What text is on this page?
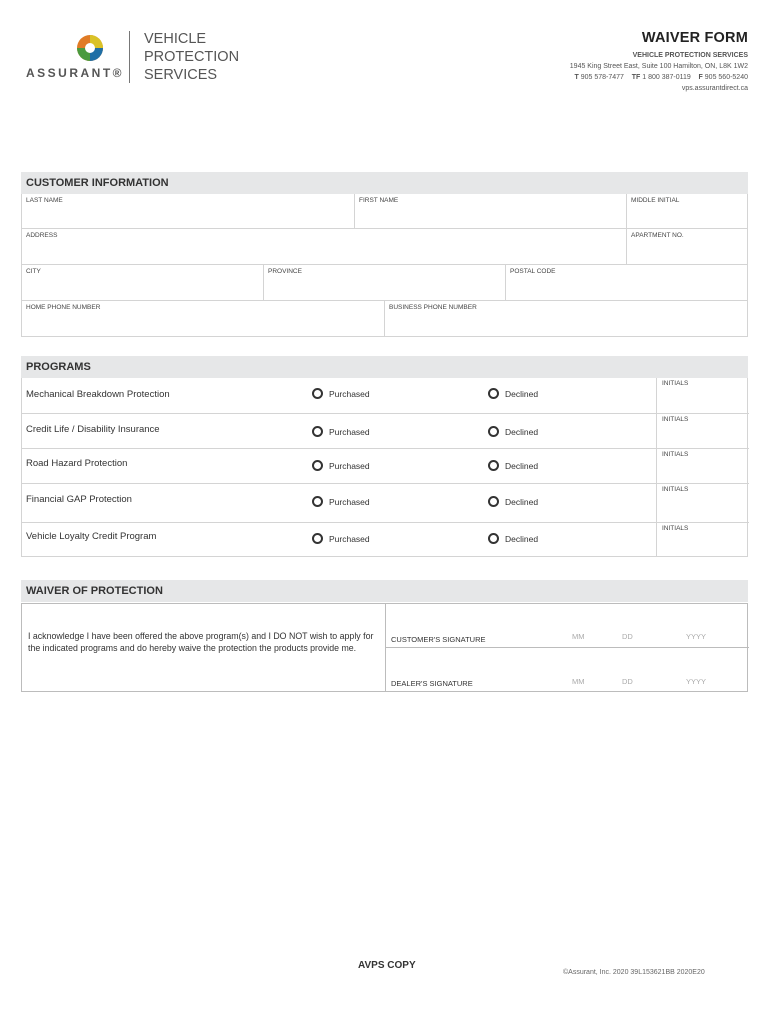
ASSURANT®
VEHICLE
PROTECTION
SERVICES
WAIVER FORM
VEHICLE PROTECTION SERVICES
1945 King Street East, Suite 100 Hamilton, ON, L8K 1W2
T 905 578-7477 TF 1 800 387-0119 F 905 560-5240
vps.assurantdirect.ca
CUSTOMER INFORMATION
LAST NAME	FIRST NAME	MIDDLE INITIAL
ADDRESS	APARTMENT NO.
CITY	PROVINCE	POSTAL CODE
HOME PHONE NUMBER	BUSINESS PHONE NUMBER
PROGRAMS
Mechanical Breakdown Protection	Purchased	Declined
INITIALS
Credit Life / Disability Insurance	Purchased	Declined
INITIALS
Road Hazard Protection	Purchased	Declined
INITIALS
Financial GAP Protection	Purchased	Declined
INITIALS
Vehicle Loyalty Credit Program	Purchased	Declined
INITIALS
WAIVER OF PROTECTION
I acknowledge I have been offered the above program(s) and I DO NOT wish to apply for the indicated programs and do hereby waive the protection the products provide me.
CUSTOMER'S SIGNATURE	MM	DD	YYYY
DEALER'S SIGNATURE	MM	DD	YYYY
AVPS COPY
©Assurant, Inc. 2020 39L153621BB 2020E20
